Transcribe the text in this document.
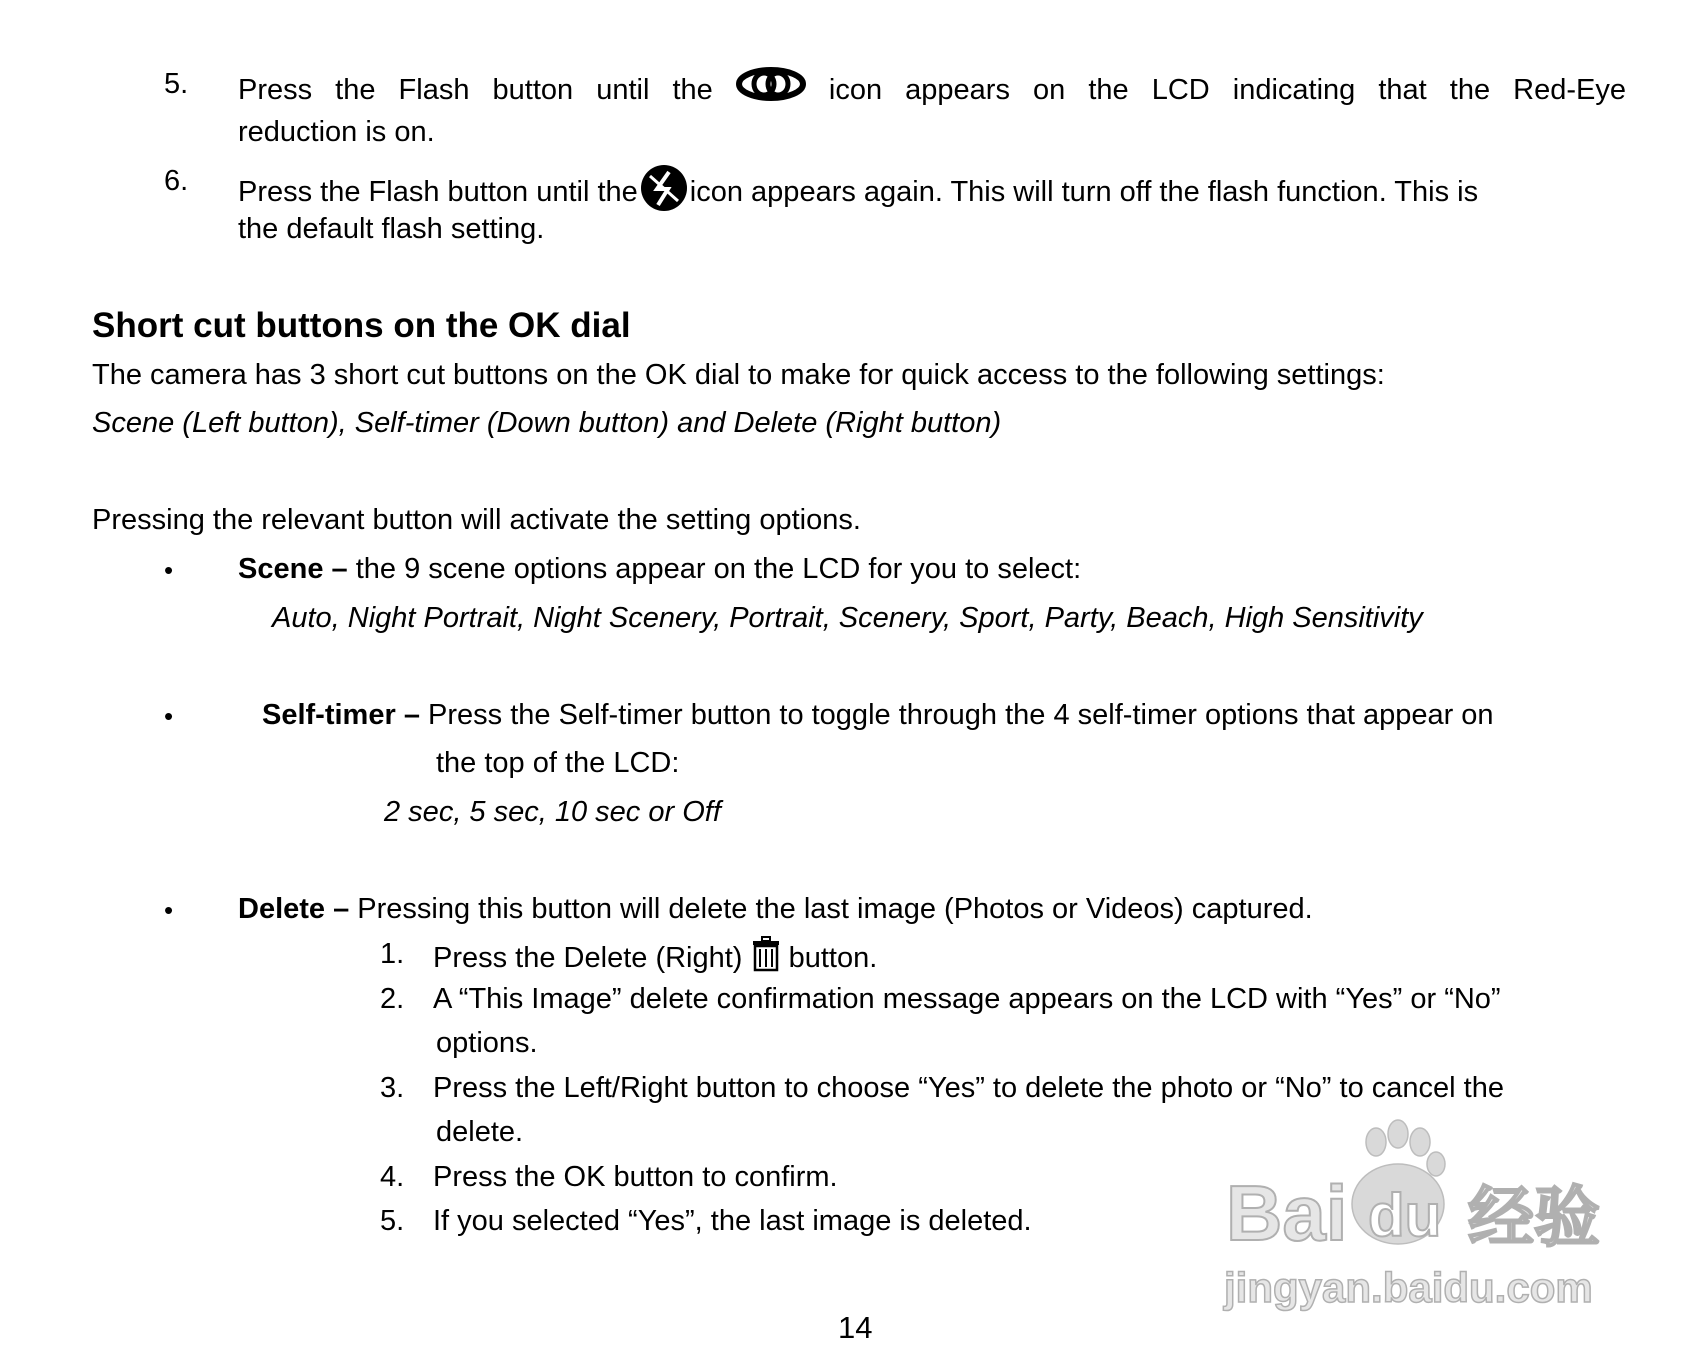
5. Press the Flash button until the	icon appears on the LCD indicating that the Red-Eye
reduction is on.
6. Press the Flash button until the icon appears again. This will turn off the flash function. This is
the default flash setting.
Short cut buttons on the OK dial
The camera has 3 short cut buttons on the OK dial to make for quick access to the following settings:
Scene (Left button), Self-timer (Down button) and Delete (Right button)
Pressing the relevant button will activate the setting options.
• Scene – the 9 scene options appear on the LCD for you to select:
Auto, Night Portrait, Night Scenery, Portrait, Scenery, Sport, Party, Beach, High Sensitivity
•	Self-timer – Press the Self-timer button to toggle through the 4 self-timer options that appear on
the top of the LCD:
2 sec, 5 sec, 10 sec or Off
• Delete – Pressing this button will delete the last image (Photos or Videos) captured.
1. Press the Delete (Right)  button.
2. A “This Image” delete confirmation message appears on the LCD with “Yes” or “No”
options.
3. Press the Left/Right button to choose “Yes” to delete the photo or “No” to cancel the
delete.
4. Press the OK button to confirm.
5. If you selected “Yes”, the last image is deleted. Bai du 经验
jingyan.baidu.com
14
